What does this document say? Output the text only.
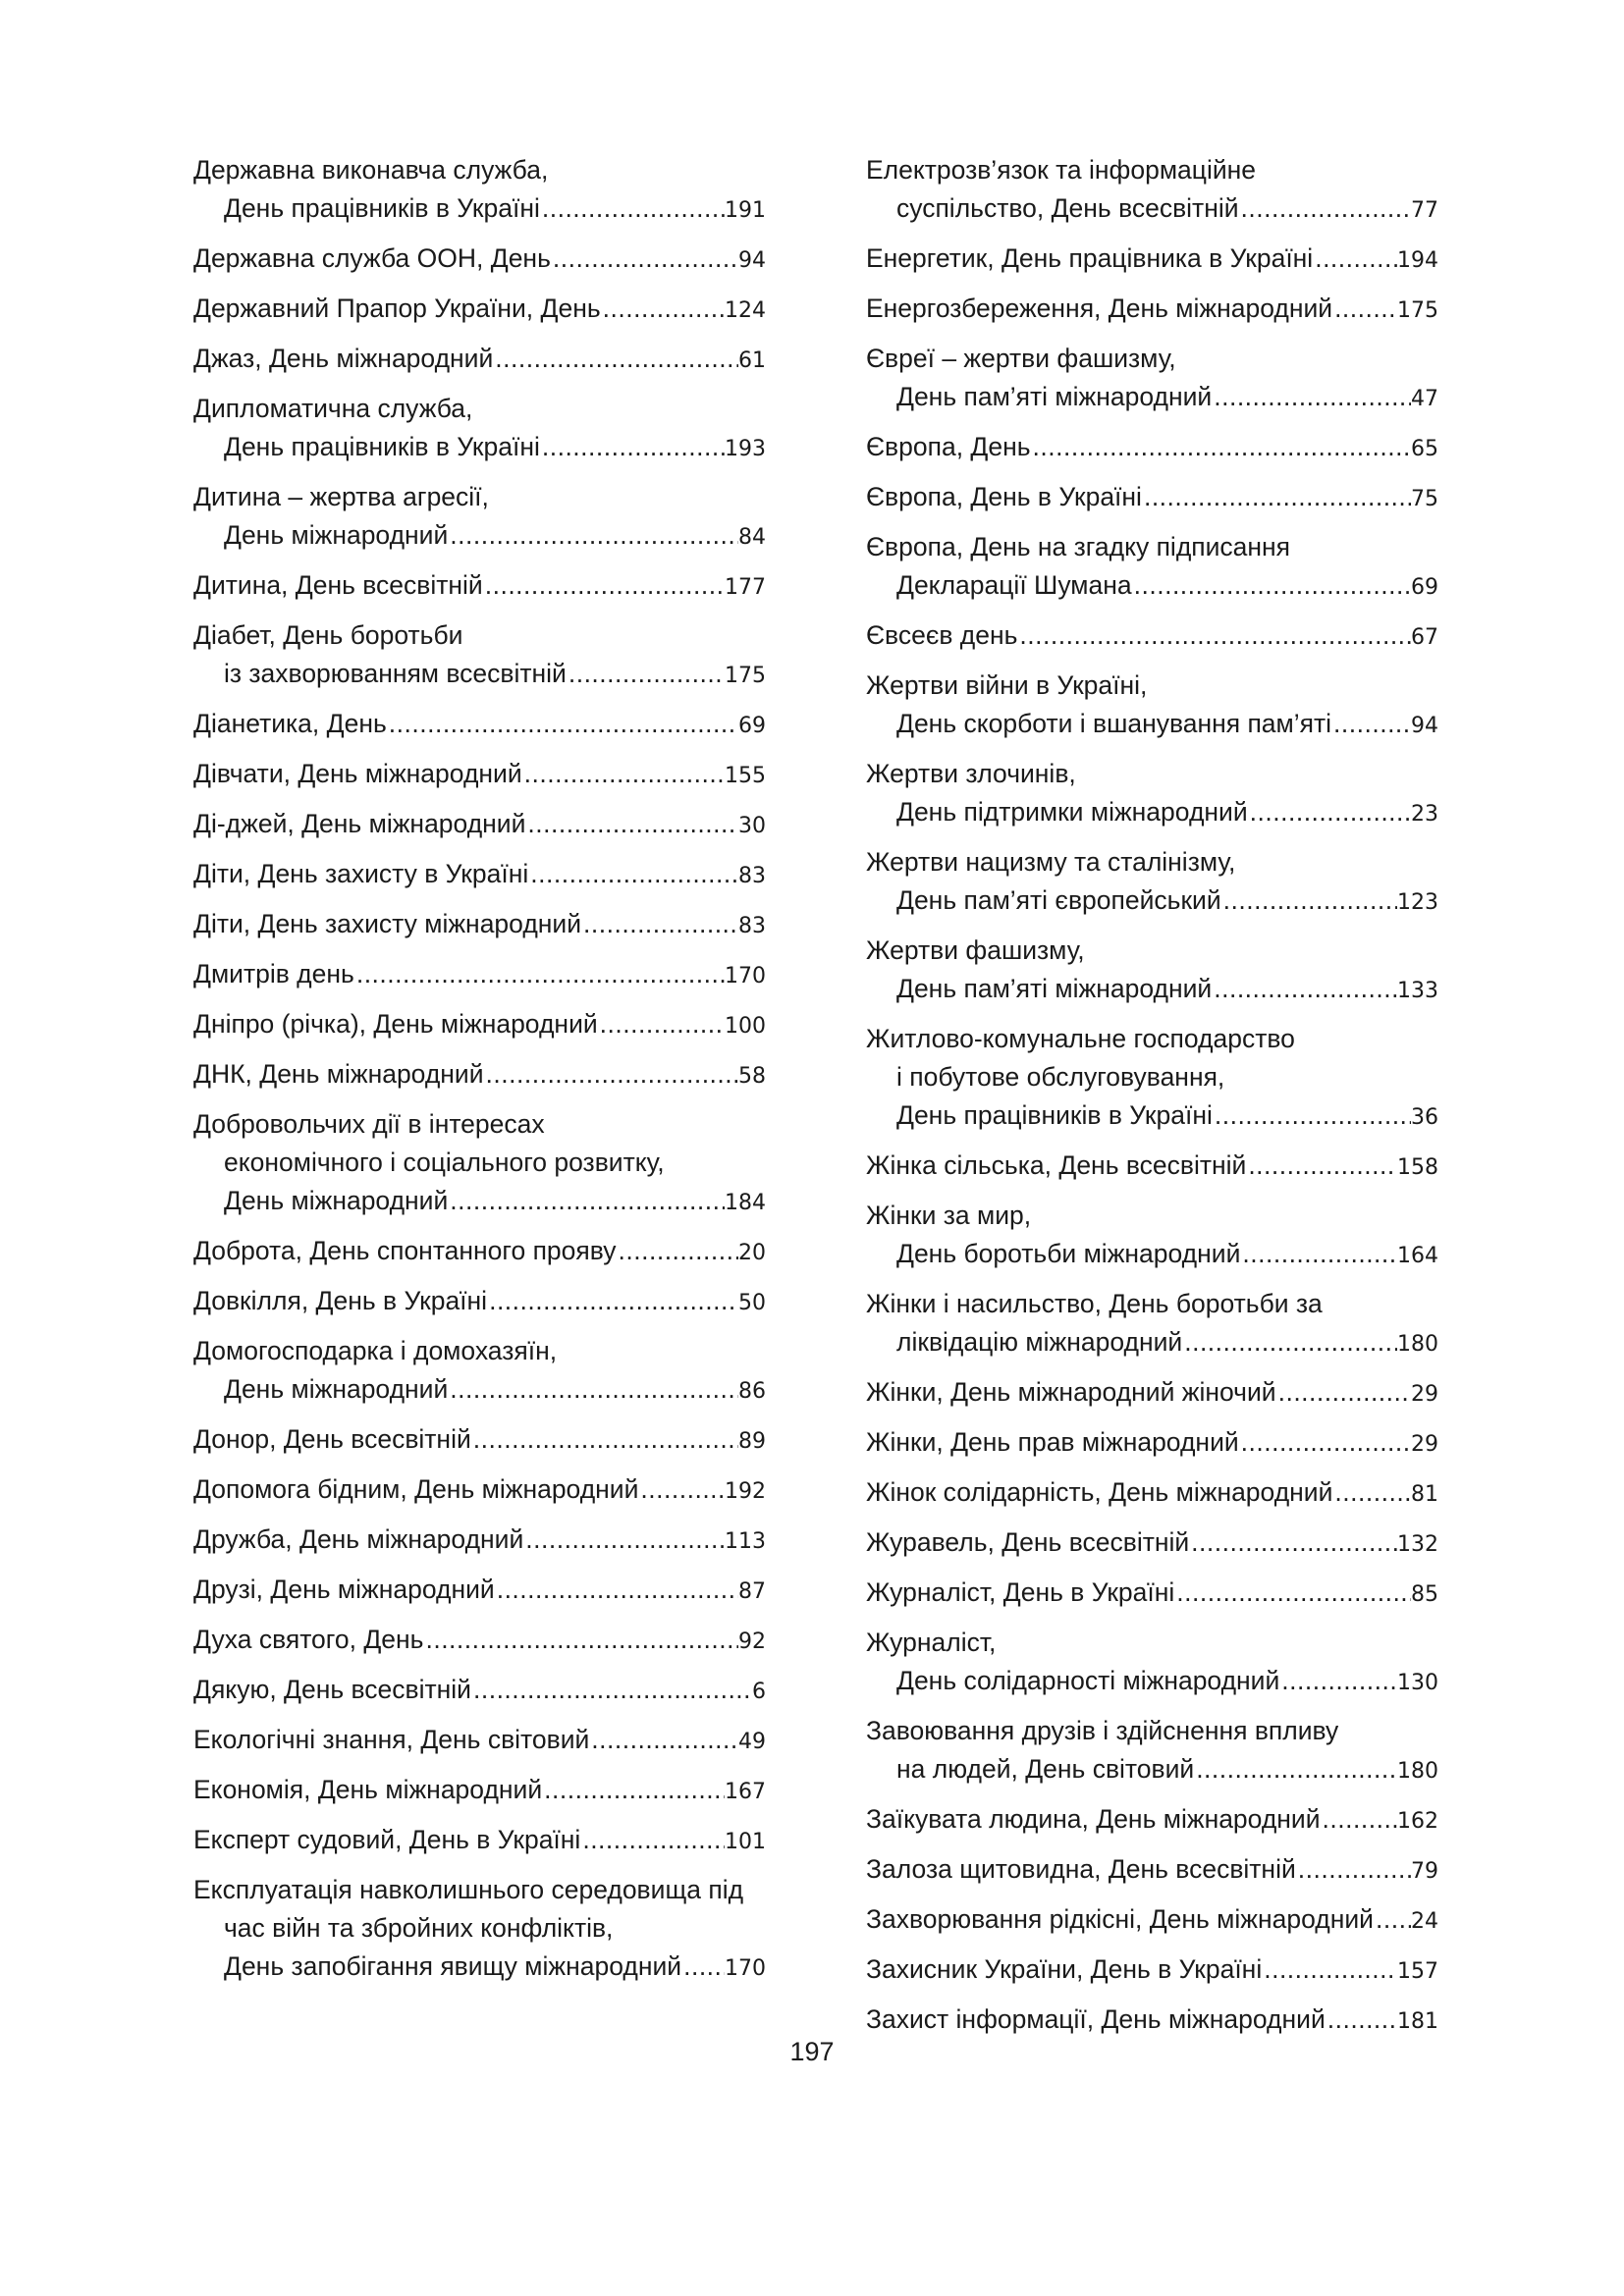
Державна виконавча служба,
День працівників в Україні .....	191
Державна служба ООН, День .....	94
Державний Прапор України, День .....	124
Джаз, День міжнародний .....	61
Дипломатична служба,
День працівників в Україні .....	193
Дитина – жертва агресії,
День міжнародний .....	84
Дитина, День всесвітній .....	177
Діабет, День боротьби
із захворюванням всесвітній .....	175
Діанетика, День .....	69
Дівчати, День міжнародний .....	155
Ді-джей, День міжнародний .....	30
Діти, День захисту в Україні .....	83
Діти, День захисту міжнародний .....	83
Дмитрів день .....	170
Дніпро (річка), День міжнародний .....	100
ДНК, День міжнародний .....	58
Добровольчих дії в інтересах
економічного і соціального розвитку,
День міжнародний .....	184
Доброта, День спонтанного прояву .....	20
Довкілля, День в Україні .....	50
Домогосподарка і домохазяїн,
День міжнародний .....	86
Донор, День всесвітній .....	89
Допомога бідним, День міжнародний .....	192
Дружба, День міжнародний .....	113
Друзі, День міжнародний .....	87
Духа святого, День .....	92
Дякую, День всесвітній .....	6
Екологічні знання, День світовий .....	49
Економія, День міжнародний .....	167
Експерт судовий, День в Україні .....	101
Експлуатація навколишнього середовища під
час війн та збройних конфліктів,
День запобігання явищу міжнародний ..... 170
Електрозв’язок та інформаційне
суспільство, День всесвітній .....	77
Енергетик, День працівника в Україні .....	194
Енергозбереження, День міжнародний .....	175
Євреї – жертви фашизму,
День пам’яті міжнародний .....	47
Європа, День .....	65
Європа, День в Україні .....	75
Європа, День на згадку підписання
Декларації Шумана .....	69
Євсеєв день .....	67
Жертви війни в Україні,
День скорботи і вшанування пам’яті .....	94
Жертви злочинів,
День підтримки міжнародний .....	23
Жертви нацизму та сталінізму,
День пам’яті європейський .....	123
Жертви фашизму,
День пам’яті міжнародний .....	133
Житлово-комунальне господарство
і побутове обслуговування,
День працівників в Україні .....	36
Жінка сільська, День всесвітній .....	158
Жінки за мир,
День боротьби міжнародний .....	164
Жінки і насильство, День боротьби за
ліквідацію міжнародний .....	180
Жінки, День міжнародний жіночий .....	29
Жінки, День прав міжнародний .....	29
Жінок солідарність, День міжнародний .....	81
Журавель, День всесвітній .....	132
Журналіст, День в Україні .....	85
Журналіст,
День солідарності міжнародний .....	130
Завоювання друзів і здійснення впливу
на людей, День світовий .....	180
Заїкувата людина, День міжнародний .....	162
Залоза щитовидна, День всесвітній .....	79
Захворювання рідкісні, День міжнародний ..... 24
Захисник України, День в Україні .....	157
Захист інформації, День міжнародний .....	181
197
